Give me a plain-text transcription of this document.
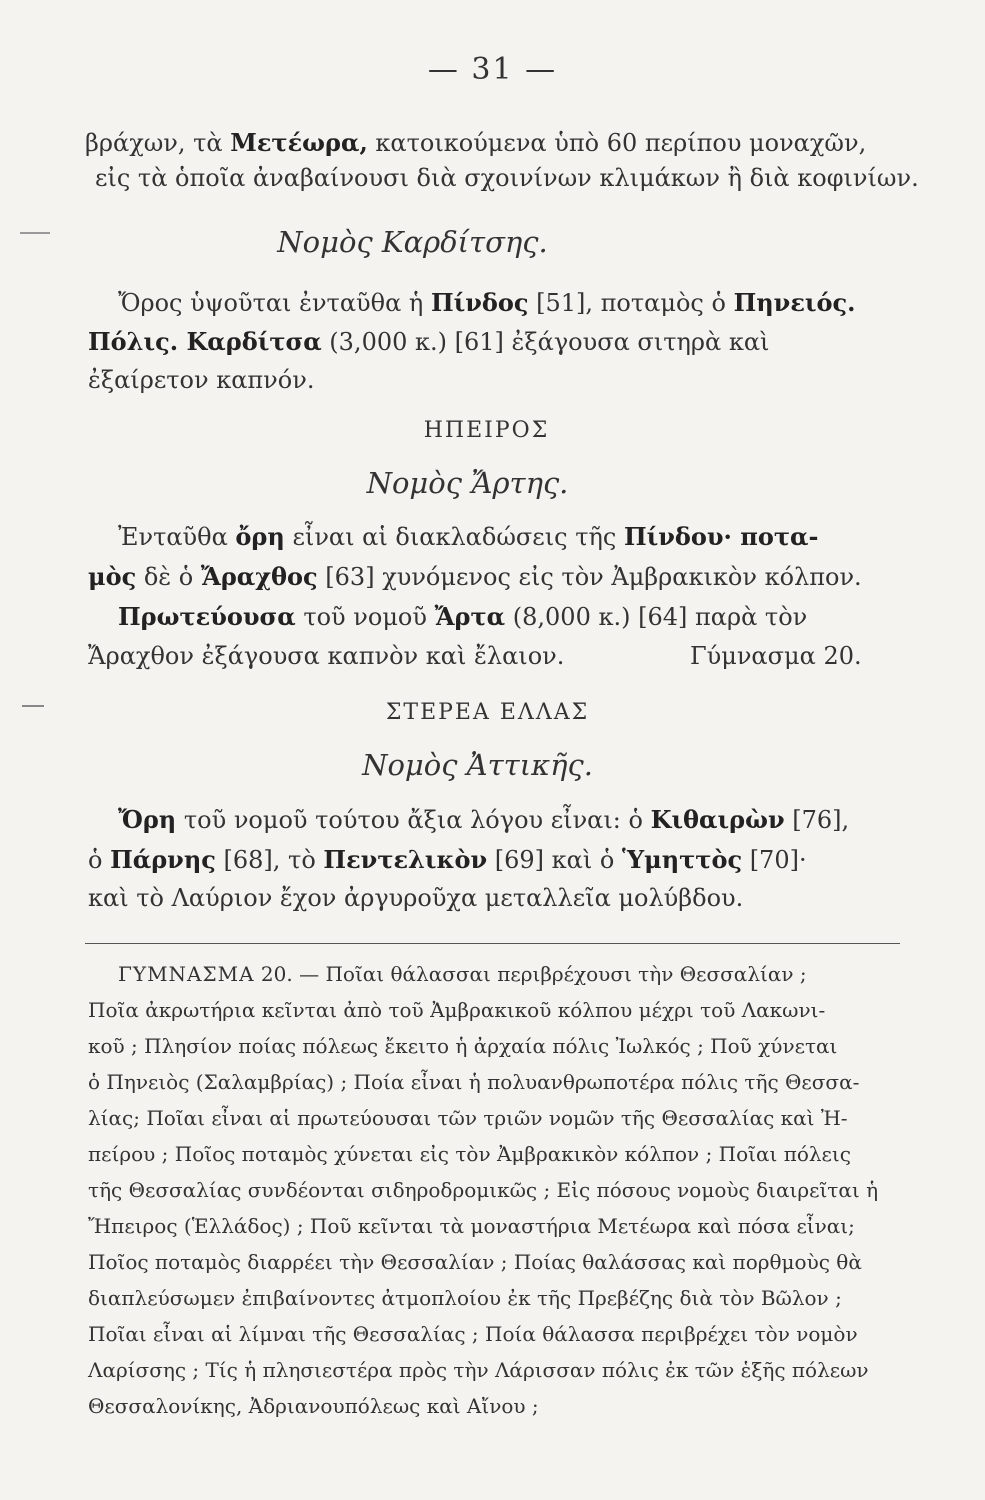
— 31 —
βράχων, τὰ Μετέωρα, κατοικούμενα ὑπὸ 60 περίπου μοναχῶν,
εἰς τὰ ὁποῖα ἀναβαίνουσι διὰ σχοινίνων κλιμάκων ἢ διὰ κοφινίων.
Νομὸς Καρδίτσης.
Ὄρος ὑψοῦται ἐνταῦθα ἡ Πίνδος [51], ποταμὸς ὁ Πηνειός.
Πόλις. Καρδίτσα (3,000 κ.) [61] ἐξάγουσα σιτηρὰ καὶ
ἐξαίρετον καπνόν.
ΗΠΕΙΡΟΣ
Νομὸς Ἄρτης.
Ἐνταῦθα ὄρη εἶναι αἱ διακλαδώσεις τῆς Πίνδου· ποτα-
μὸς δὲ ὁ Ἄραχθος [63] χυνόμενος εἰς τὸν Ἀμβρακικὸν κόλπον.
Πρωτεύουσα τοῦ νομοῦ Ἄρτα (8,000 κ.) [64] παρὰ τὸν
Ἄραχθον ἐξάγουσα καπνὸν καὶ ἔλαιον.	Γύμνασμα 20.
ΣΤΕΡΕΑ ΕΛΛΑΣ
Νομὸς Ἀττικῆς.
Ὄρη τοῦ νομοῦ τούτου ἄξια λόγου εἶναι: ὁ Κιθαιρὼν [76],
ὁ Πάρνης [68], τὸ Πεντελικὸν [69] καὶ ὁ Ὑμηττὸς [70]·
καὶ τὸ Λαύριον ἔχον ἀργυροῦχα μεταλλεῖα μολύβδου.
ΓΥΜΝΑΣΜΑ 20. — Ποῖαι θάλασσαι περιβρέχουσι τὴν Θεσσαλίαν ;
Ποῖα ἀκρωτήρια κεῖνται ἀπὸ τοῦ Ἀμβρακικοῦ κόλπου μέχρι τοῦ Λακωνι-
κοῦ ; Πλησίον ποίας πόλεως ἔκειτο ἡ ἀρχαία πόλις Ἰωλκός ; Ποῦ χύνεται
ὁ Πηνειὸς (Σαλαμβρίας) ; Ποία εἶναι ἡ πολυανθρωποτέρα πόλις τῆς Θεσσα-
λίας; Ποῖαι εἶναι αἱ πρωτεύουσαι τῶν τριῶν νομῶν τῆς Θεσσαλίας καὶ Ἠ-
πείρου ; Ποῖος ποταμὸς χύνεται εἰς τὸν Ἀμβρακικὸν κόλπον ; Ποῖαι πόλεις
τῆς Θεσσαλίας συνδέονται σιδηροδρομικῶς ; Εἰς πόσους νομοὺς διαιρεῖται ἡ
Ἤπειρος (Ἑλλάδος) ; Ποῦ κεῖνται τὰ μοναστήρια Μετέωρα καὶ πόσα εἶναι;
Ποῖος ποταμὸς διαρρέει τὴν Θεσσαλίαν ; Ποίας θαλάσσας καὶ πορθμοὺς θὰ
διαπλεύσωμεν ἐπιβαίνοντες ἀτμοπλοίου ἐκ τῆς Πρεβέζης διὰ τὸν Βῶλον ;
Ποῖαι εἶναι αἱ λίμναι τῆς Θεσσαλίας ; Ποία θάλασσα περιβρέχει τὸν νομὸν
Λαρίσσης ; Τίς ἡ πλησιεστέρα πρὸς τὴν Λάρισσαν πόλις ἐκ τῶν ἑξῆς πόλεων
Θεσσαλονίκης, Ἀδριανουπόλεως καὶ Αἴνου ;
